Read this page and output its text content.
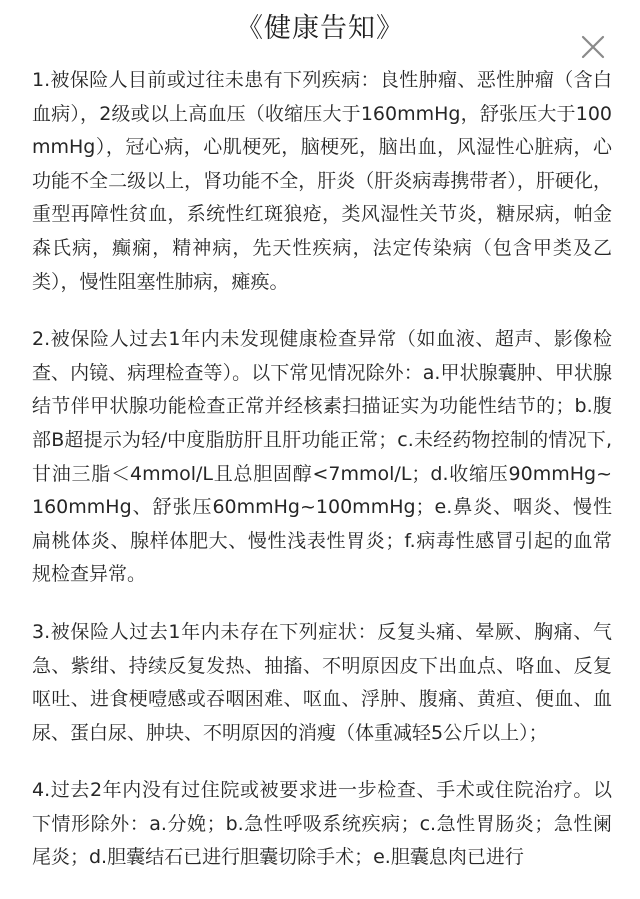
《健康告知》

1.被保险人目前或过往未患有下列疾病：良性肿瘤、恶性肿瘤（含白血病），2级或以上高血压（收缩压大于160mmHg，舒张压大于100mmHg），冠心病，心肌梗死，脑梗死，脑出血，风湿性心脏病，心功能不全二级以上，肾功能不全，肝炎（肝炎病毒携带者），肝硬化，重型再障性贫血，系统性红斑狼疮，类风湿性关节炎，糖尿病，帕金森氏病，癫痫，精神病，先天性疾病，法定传染病（包含甲类及乙类），慢性阻塞性肺病，瘫痪。

2.被保险人过去1年内未发现健康检查异常（如血液、超声、影像检查、内镜、病理检查等）。以下常见情况除外：a.甲状腺囊肿、甲状腺结节伴甲状腺功能检查正常并经核素扫描证实为功能性结节的；b.腹部B超提示为轻/中度脂肪肝且肝功能正常；c.未经药物控制的情况下,甘油三脂＜4mmol/L且总胆固醇<7mmol/L；d.收缩压90mmHg~160mmHg、舒张压60mmHg~100mmHg；e.鼻炎、咽炎、慢性扁桃体炎、腺样体肥大、慢性浅表性胃炎；f.病毒性感冒引起的血常规检查异常。

3.被保险人过去1年内未存在下列症状：反复头痛、晕厥、胸痛、气急、紫绀、持续反复发热、抽搐、不明原因皮下出血点、咯血、反复呕吐、进食梗噎感或吞咽困难、呕血、浮肿、腹痛、黄疸、便血、血尿、蛋白尿、肿块、不明原因的消瘦（体重减轻5公斤以上）；

4.过去2年内没有过住院或被要求进一步检查、手术或住院治疗。以下情形除外：a.分娩；b.急性呼吸系统疾病；c.急性胃肠炎；急性阑尾炎；d.胆囊结石已进行胆囊切除手术；e.胆囊息肉已进行
